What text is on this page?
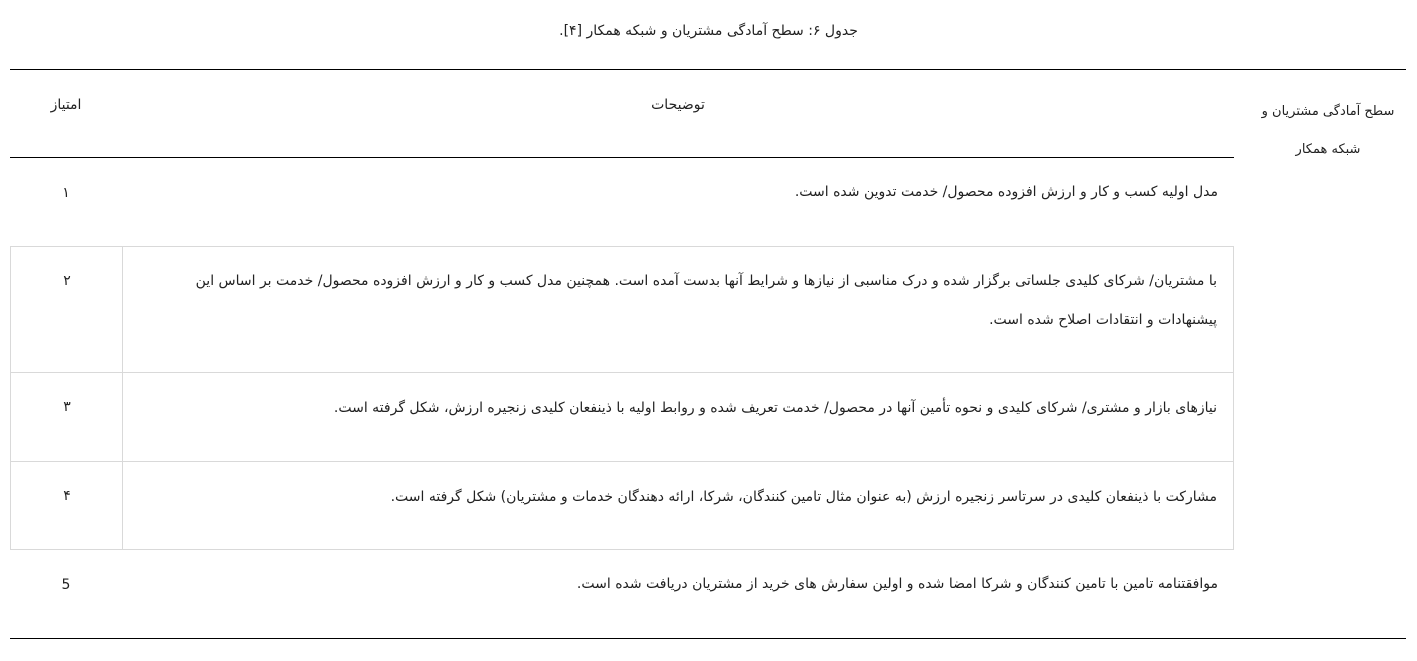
جدول ۶: سطح آمادگی مشتریان و شبکه همکار [۴].
امتیاز	توضیحات	سطح آمادگی مشتریان و شبکه همکار
۱	مدل اولیه کسب و کار و ارزش افزوده محصول/ خدمت تدوین شده است.
۲	با مشتریان/ شرکای کلیدی جلساتی برگزار شده و درک مناسبی از نیازها و شرایط آنها بدست آمده است. همچنین مدل کسب و کار و ارزش افزوده محصول/ خدمت بر اساس این پیشنهادات و انتقادات اصلاح شده است.
۳	نیازهای بازار و مشتری/ شرکای کلیدی و نحوه تأمین آنها در محصول/ خدمت تعریف شده و روابط اولیه با ذینفعان کلیدی زنجیره ارزش، شکل گرفته است.
۴	مشارکت با ذینفعان کلیدی در سرتاسر زنجیره ارزش (به عنوان مثال تامین کنندگان، شرکا، ارائه دهندگان خدمات و مشتریان) شکل گرفته است.
5	موافقتنامه تامین با تامین کنندگان و شرکا امضا شده و اولین سفارش های خرید از مشتریان دریافت شده است.
